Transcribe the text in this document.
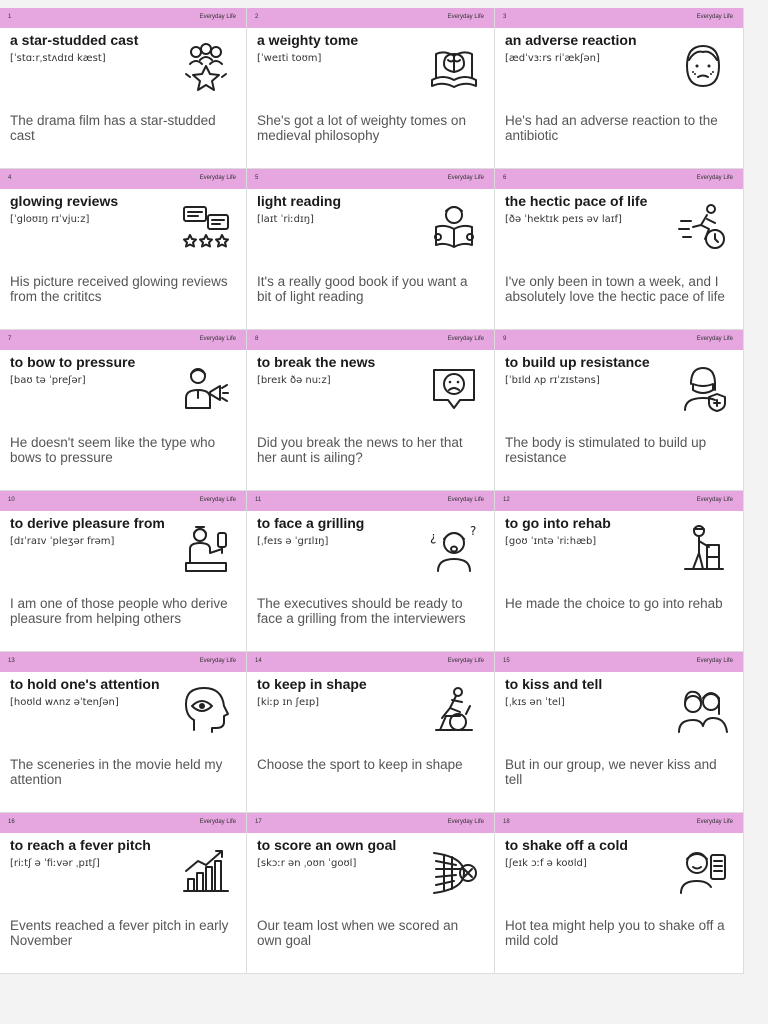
1	Everyday Life
a star-studded cast
[ˈstɑːrˌstʌdɪd kæst]
The drama film has a star-studded cast
2	Everyday Life
a weighty tome
[ˈweɪti toʊm]
She's got a lot of weighty tomes on medieval philosophy
3	Everyday Life
an adverse reaction
[ædˈvɜːrs riˈækʃən]
He's had an adverse reaction to the antibiotic
4	Everyday Life
glowing reviews
[ˈgloʊɪŋ rɪˈvjuːz]
His picture received glowing reviews from the crititcs
5	Everyday Life
light reading
[laɪt ˈriːdɪŋ]
It's a really good book if you want a bit of light reading
6	Everyday Life
the hectic pace of life
[ðə ˈhektɪk peɪs əv laɪf]
I've only been in town a week, and I absolutely love the hectic pace of life
7	Everyday Life
to bow to pressure
[baʊ tə ˈpreʃər]
He doesn't seem like the type who bows to pressure
8	Everyday Life
to break the news
[breɪk ðə nuːz]
Did you break the news to her that her aunt is ailing?
9	Everyday Life
to build up resistance
[ˈbɪld ʌp rɪˈzɪstəns]
The body is stimulated to build up resistance
10	Everyday Life
to derive pleasure from
[dɪˈraɪv ˈpleʒər frəm]
I am one of those people who derive pleasure from helping others
11	Everyday Life
to face a grilling
[ˌfeɪs ə ˈgrɪlɪŋ]	¿	?
The executives should be ready to face a grilling from the interviewers
12	Everyday Life
to go into rehab
[goʊ ˈɪntə ˈriːhæb]
He made the choice to go into rehab
13	Everyday Life
to hold one's attention
[hoʊld wʌnz əˈtenʃən]
The sceneries in the movie held my attention
14	Everyday Life
to keep in shape
[kiːp ɪn ʃeɪp]
Choose the sport to keep in shape
15	Everyday Life
to kiss and tell
[ˌkɪs ən ˈtel]
But in our group, we never kiss and tell
16	Everyday Life
to reach a fever pitch
[riːtʃ ə ˈfiːvər ˌpɪtʃ]
Events reached a fever pitch in early November
17	Everyday Life
to score an own goal
[skɔːr ən ˌoʊn ˈgoʊl]
Our team lost when we scored an own goal
18	Everyday Life
to shake off a cold
[ʃeɪk ɔːf ə koʊld]
Hot tea might help you to shake off a mild cold
